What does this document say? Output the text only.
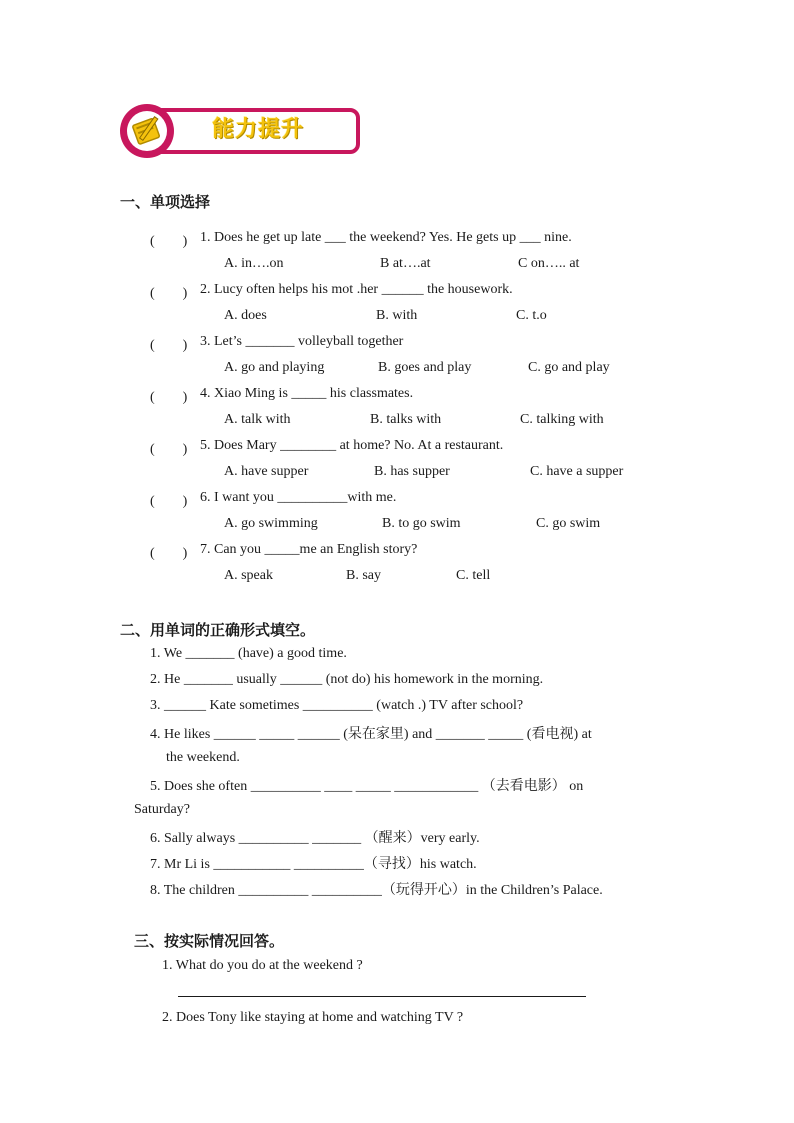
能力提升
一、单项选择
(　　) 1. Does he get up late ___ the weekend? Yes. He gets up ___ nine.
A. in….on	B at….at	C on….. at
(　　) 2. Lucy often helps his mot .her ______ the housework.
A. does	B. with	C. t.o
(　　) 3. Let’s _______ volleyball together
A. go and playing	B. goes and play	C. go and play
(　　) 4. Xiao Ming is _____ his classmates.
A. talk with	B. talks with	C. talking with
(　　) 5. Does Mary ________ at home? No. At a restaurant.
A. have supper	B. has supper	C. have a supper
(　　) 6. I want you __________with me.
A. go swimming	B. to go swim	C. go swim
(　　) 7. Can you _____me an English story?
A. speak	B. say	C. tell
二、用单词的正确形式填空。
1. We _______ (have) a good time.
2. He _______ usually ______ (not do) his homework in the morning.
3. ______ Kate sometimes __________ (watch .) TV after school?
4. He likes ______ _____ ______ (呆在家里) and _______ _____ (看电视) at
the weekend.
5. Does she often __________ ____ _____ ____________ （去看电影） on
Saturday?
6. Sally always __________ _______ （醒来）very early.
7. Mr Li is ___________ __________（寻找）his watch.
8. The children __________ __________（玩得开心）in the Children’s Palace.
三、按实际情况回答。
1. What do you do at the weekend ?
2. Does Tony like staying at home and watching TV ?
